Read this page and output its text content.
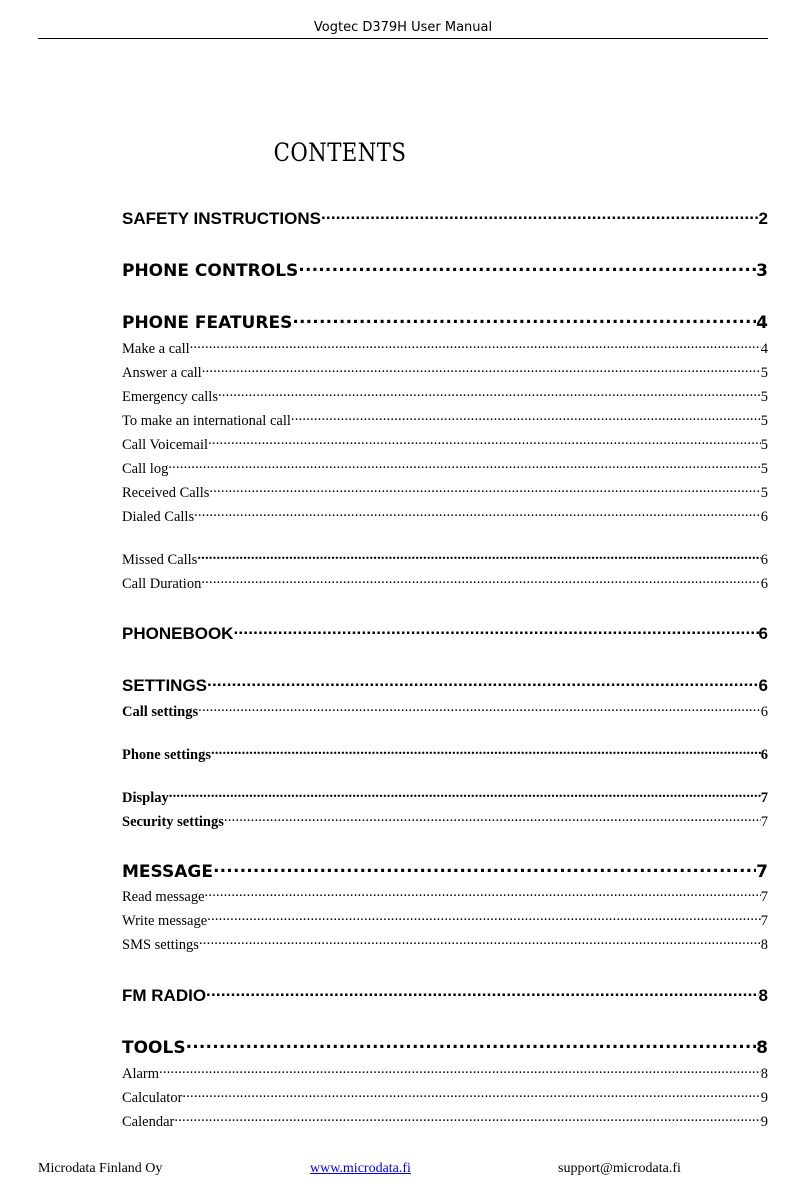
Vogtec D379H User Manual
CONTENTS
SAFETY INSTRUCTIONS .....	2
PHONE CONTROLS .....	3
PHONE FEATURES .....	4
Make a call .....	4
Answer a call .....	5
Emergency calls .....	5
To make an international call .....	5
Call Voicemail .....	5
Call log .....	5
Received Calls .....	5
Dialed Calls .....	6
Missed Calls .....	6
Call Duration .....	6
PHONEBOOK .....	6
SETTINGS .....	6
Call settings .....	6
Phone settings .....	6
Display .....	7
Security settings .....	7
MESSAGE .....	7
Read message .....	7
Write message .....	7
SMS settings .....	8
FM RADIO .....	8
TOOLS .....	8
Alarm .....	8
Calculator .....	9
Calendar .....	9
Microdata Finland Oy	www.microdata.fi	support@microdata.fi
